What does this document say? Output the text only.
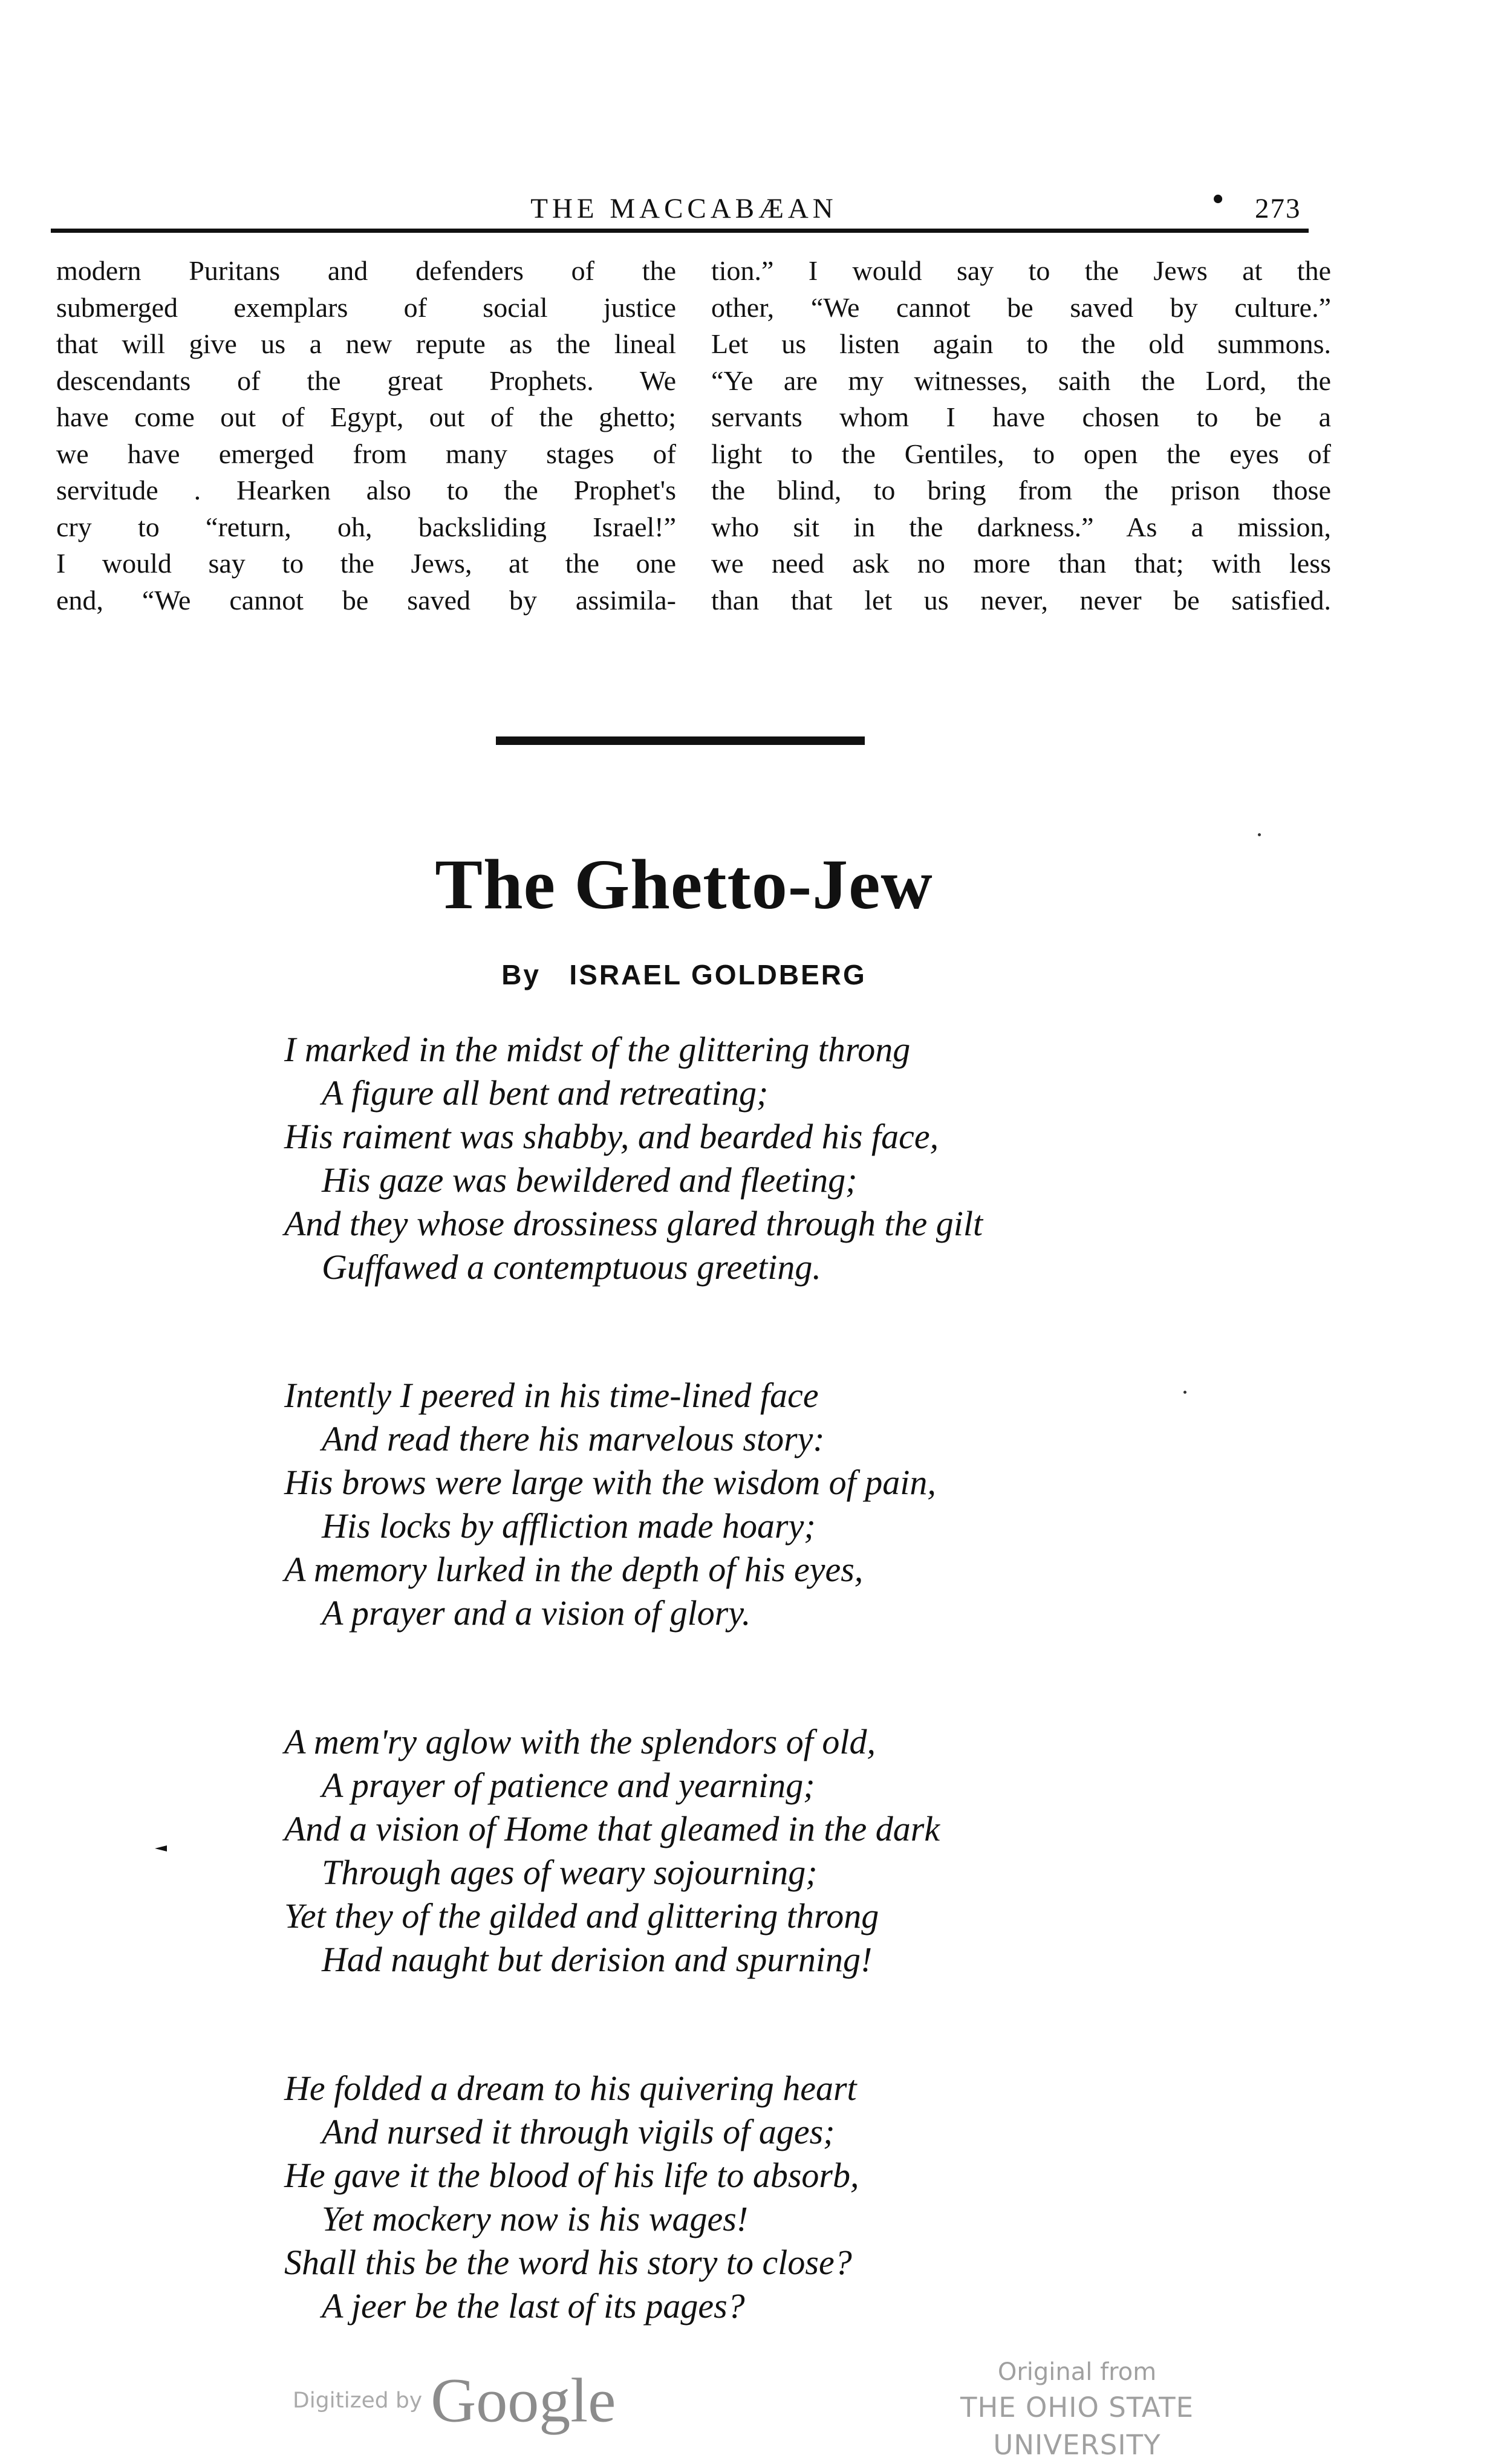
THE MACCABÆAN	• 273
modern Puritans and defenders of the
submerged exemplars of social justice
that will give us a new repute as the lineal
descendants of the great Prophets. We
have come out of Egypt, out of the ghetto;
we have emerged from many stages of
servitude . Hearken also to the Prophet's
cry to “return, oh, backsliding Israel!”
I would say to the Jews, at the one
end, “We cannot be saved by assimila-
tion.” I would say to the Jews at the
other, “We cannot be saved by culture.”
Let us listen again to the old summons.
“Ye are my witnesses, saith the Lord, the
servants whom I have chosen to be a
light to the Gentiles, to open the eyes of
the blind, to bring from the prison those
who sit in the darkness.” As a mission,
we need ask no more than that; with less
than that let us never, never be satisfied.
The Ghetto-Jew
By ISRAEL GOLDBERG
I marked in the midst of the glittering throng
A figure all bent and retreating;
His raiment was shabby, and bearded his face,
His gaze was bewildered and fleeting;
And they whose drossiness glared through the gilt
Guffawed a contemptuous greeting.
Intently I peered in his time-lined face
And read there his marvelous story:
His brows were large with the wisdom of pain,
His locks by affliction made hoary;
A memory lurked in the depth of his eyes,
A prayer and a vision of glory.
A mem'ry aglow with the splendors of old,
A prayer of patience and yearning;
And a vision of Home that gleamed in the dark
Through ages of weary sojourning;
Yet they of the gilded and glittering throng
Had naught but derision and spurning!
He folded a dream to his quivering heart
And nursed it through vigils of ages;
He gave it the blood of his life to absorb,
Yet mockery now is his wages!
Shall this be the word his story to close?
A jeer be the last of its pages?
Digitized by Google	Original from
THE OHIO STATE UNIVERSITY
